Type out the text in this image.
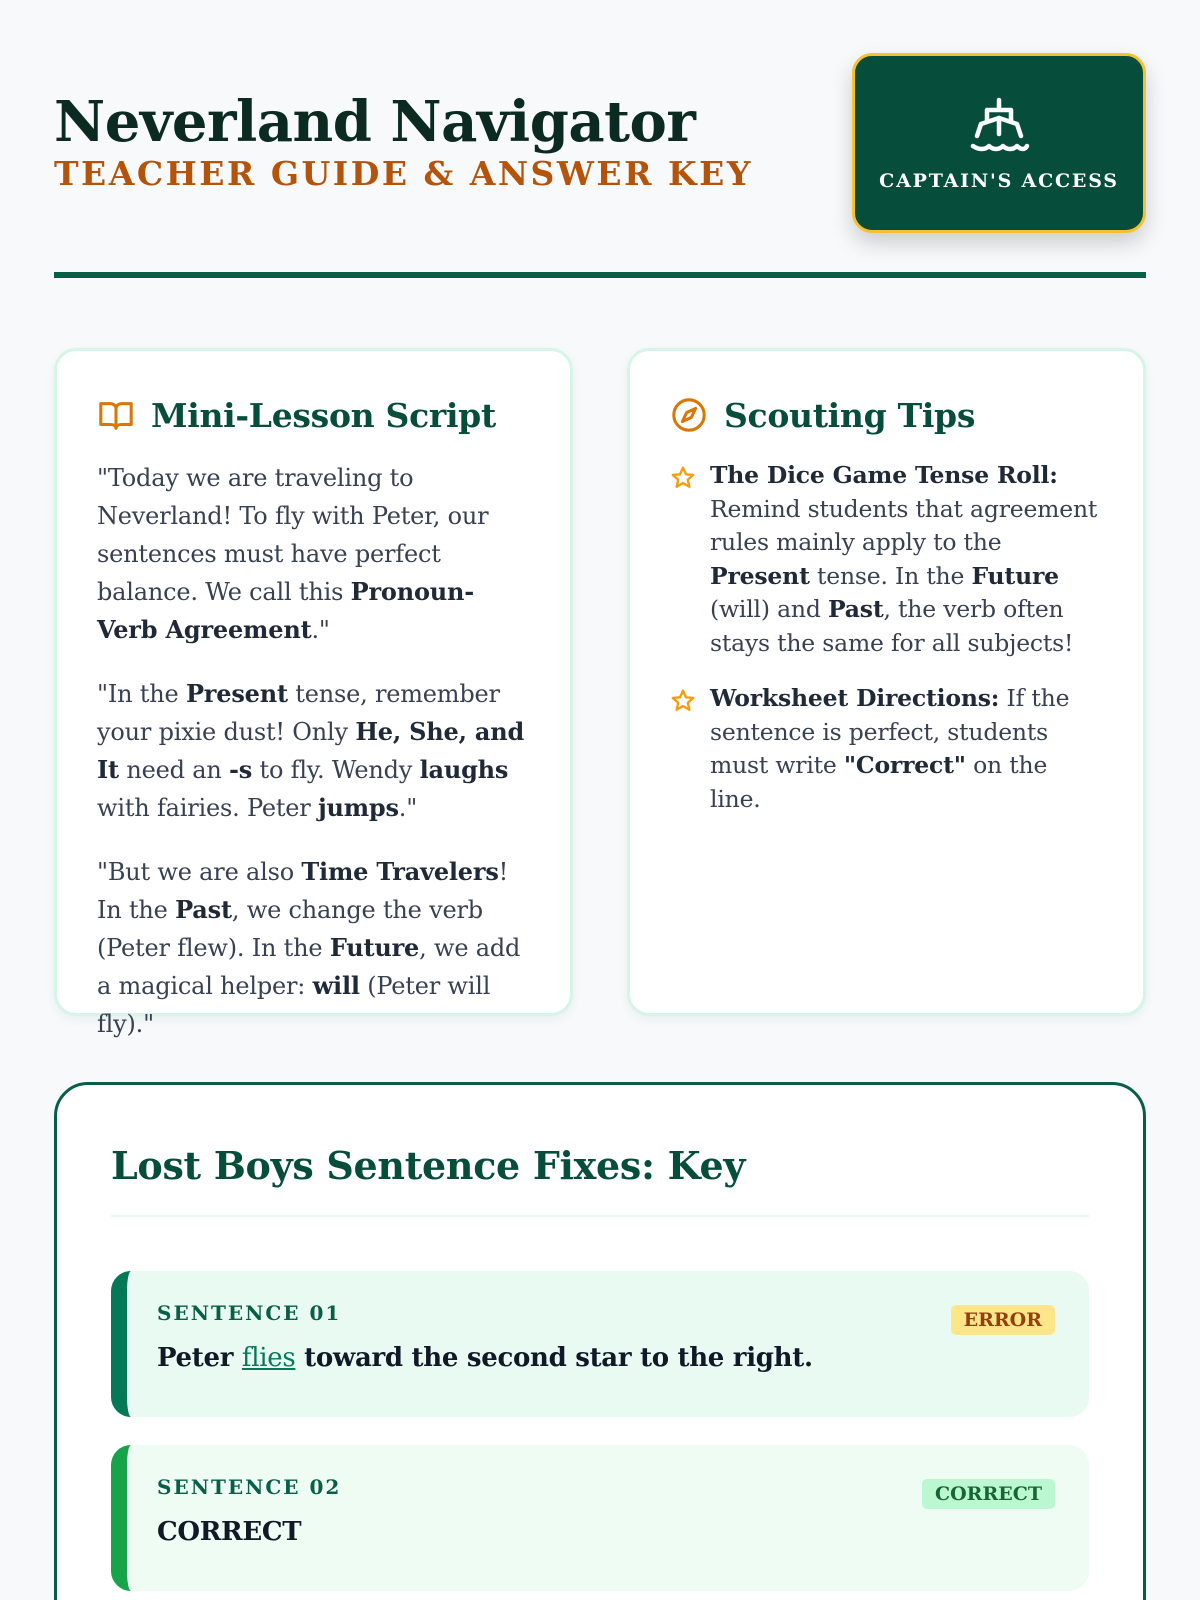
Neverland Navigator
TEACHER GUIDE & ANSWER KEY	CAPTAIN'S ACCESS
Mini-Lesson Script

"Today we are traveling to Neverland! To fly with Peter, our sentences must have perfect balance. We call this Pronoun-Verb Agreement."

"In the Present tense, remember your pixie dust! Only He, She, and It need an -s to fly. Wendy laughs with fairies. Peter jumps."

"But we are also Time Travelers! In the Past, we change the verb (Peter flew). In the Future, we add a magical helper: will (Peter will fly)."

Scouting Tips
The Dice Game Tense Roll: Remind students that agreement rules mainly apply to the Present tense. In the Future (will) and Past, the verb often stays the same for all subjects!
Worksheet Directions: If the sentence is perfect, students must write "Correct" on the line.
Lost Boys Sentence Fixes: Key
SENTENCE 01	ERROR
Peter flies toward the second star to the right.
SENTENCE 02	CORRECT
CORRECT
